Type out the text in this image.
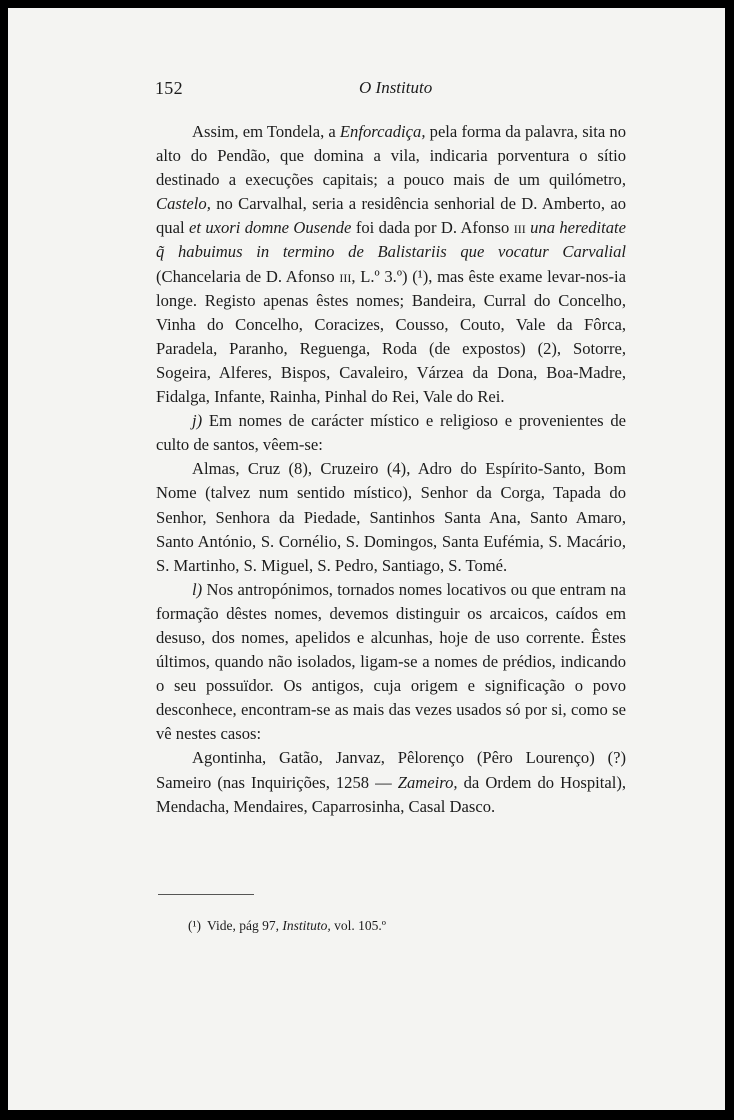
152	O Instituto

Assim, em Tondela, a Enforcadiça, pela forma da palavra, sita no alto do Pendão, que domina a vila, indicaria porventura o sítio destinado a execuções capitais; a pouco mais de um quilómetro, Castelo, no Carvalhal, seria a residência senhorial de D. Amberto, ao qual et uxori domne Ousende foi dada por D. Afonso iii una hereditate q̃ habuimus in termino de Balistariis que vocatur Carvalial (Chancelaria de D. Afonso iii, L.º 3.º) (¹), mas êste exame levar-nos-ia longe. Registo apenas êstes nomes; Bandeira, Curral do Concelho, Vinha do Concelho, Coracizes, Cousso, Couto, Vale da Fôrca, Paradela, Paranho, Reguenga, Roda (de expostos) (2), Sotorre, Sogeira, Alferes, Bispos, Cavaleiro, Várzea da Dona, Boa-Madre, Fidalga, Infante, Rainha, Pinhal do Rei, Vale do Rei.

j) Em nomes de carácter místico e religioso e provenientes de culto de santos, vêem-se:

Almas, Cruz (8), Cruzeiro (4), Adro do Espírito-Santo, Bom Nome (talvez num sentido místico), Senhor da Corga, Tapada do Senhor, Senhora da Piedade, Santinhos Santa Ana, Santo Amaro, Santo António, S. Cornélio, S. Domingos, Santa Eufémia, S. Macário, S. Martinho, S. Miguel, S. Pedro, Santiago, S. Tomé.

l) Nos antropónimos, tornados nomes locativos ou que entram na formação dêstes nomes, devemos distinguir os arcaicos, caídos em desuso, dos nomes, apelidos e alcunhas, hoje de uso corrente. Êstes últimos, quando não isolados, ligam-se a nomes de prédios, indicando o seu possuïdor. Os antigos, cuja origem e significação o povo desconhece, encontram-se as mais das vezes usados só por si, como se vê nestes casos:

Agontinha, Gatão, Janvaz, Pêlorenço (Pêro Lourenço) (?) Sameiro (nas Inquirições, 1258 — Zameiro, da Ordem do Hospital), Mendacha, Mendaires, Caparrosinha, Casal Dasco.

(¹) Vide, pág 97, Instituto, vol. 105.º
